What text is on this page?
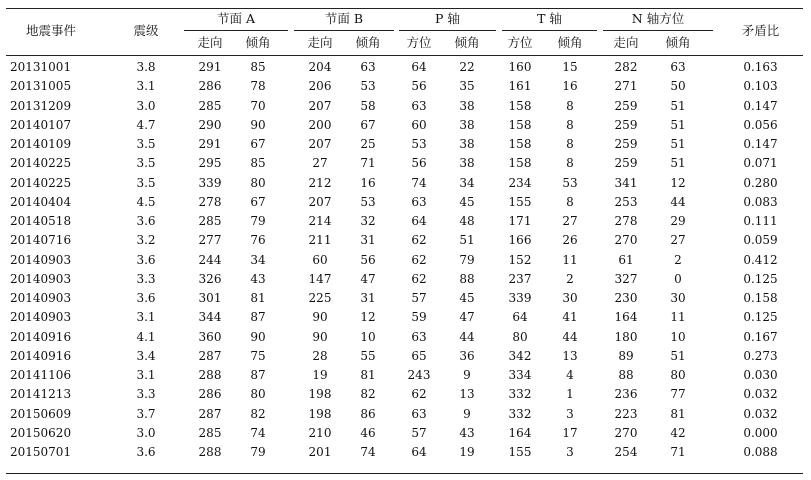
地震事件	震级
节面 A	节面 B	P 轴	T 轴	N 轴方位
矛盾比
走向	倾角	走向	倾角	方位	倾角	方位	倾角	走向	倾角
20131001	3.8	291	85	204	63	64	22	160	15	282	63	0.163
20131005	3.1	286	78	206	53	56	35	161	16	271	50	0.103
20131209	3.0	285	70	207	58	63	38	158	8	259	51	0.147
20140107	4.7	290	90	200	67	60	38	158	8	259	51	0.056
20140109	3.5	291	67	207	25	53	38	158	8	259	51	0.147
20140225	3.5	295	85	27	71	56	38	158	8	259	51	0.071
20140225	3.5	339	80	212	16	74	34	234	53	341	12	0.280
20140404	4.5	278	67	207	53	63	45	155	8	253	44	0.083
20140518	3.6	285	79	214	32	64	48	171	27	278	29	0.111
20140716	3.2	277	76	211	31	62	51	166	26	270	27	0.059
20140903	3.6	244	34	60	56	62	79	152	11	61	2	0.412
20140903	3.3	326	43	147	47	62	88	237	2	327	0	0.125
20140903	3.6	301	81	225	31	57	45	339	30	230	30	0.158
20140903	3.1	344	87	90	12	59	47	64	41	164	11	0.125
20140916	4.1	360	90	90	10	63	44	80	44	180	10	0.167
20140916	3.4	287	75	28	55	65	36	342	13	89	51	0.273
20141106	3.1	288	87	19	81	243	9	334	4	88	80	0.030
20141213	3.3	286	80	198	82	62	13	332	1	236	77	0.032
20150609	3.7	287	82	198	86	63	9	332	3	223	81	0.032
20150620	3.0	285	74	210	46	57	43	164	17	270	42	0.000
20150701	3.6	288	79	201	74	64	19	155	3	254	71	0.088
